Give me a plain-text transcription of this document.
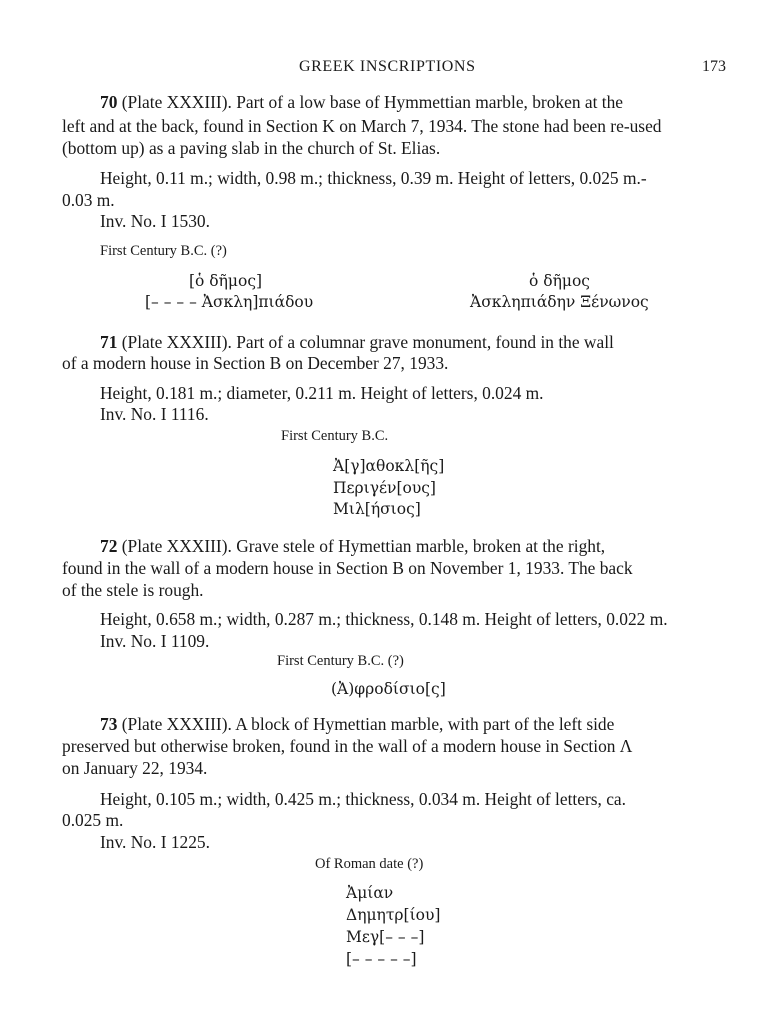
GREEK INSCRIPTIONS	173
70 (Plate XXXIII). Part of a low base of Hymmettian marble, broken at the
left and at the back, found in Section K on March 7, 1934. The stone had been re-used
(bottom up) as a paving slab in the church of St. Elias.
Height, 0.11 m.; width, 0.98 m.; thickness, 0.39 m. Height of letters, 0.025 m.-
0.03 m.
Inv. No. I 1530.
First Century B.C. (?)
[ὁ δῆμος]
[– – – – Ἀσκλη]πιάδου
ὁ δῆμος
Ἀσκληπιάδην Ξένωνος
71 (Plate XXXIII). Part of a columnar grave monument, found in the wall
of a modern house in Section B on December 27, 1933.
Height, 0.181 m.; diameter, 0.211 m. Height of letters, 0.024 m.
Inv. No. I 1116.
First Century B.C.
Ἀ[γ]αθοκλ[ῆς]
Περιγέν[ους]
Μιλ[ήσιος]
72 (Plate XXXIII). Grave stele of Hymettian marble, broken at the right,
found in the wall of a modern house in Section B on November 1, 1933. The back
of the stele is rough.
Height, 0.658 m.; width, 0.287 m.; thickness, 0.148 m. Height of letters, 0.022 m.
Inv. No. I 1109.
First Century B.C. (?)
(Ἀ)φροδίσιο[ς]
73 (Plate XXXIII). A block of Hymettian marble, with part of the left side
preserved but otherwise broken, found in the wall of a modern house in Section Λ
on January 22, 1934.
Height, 0.105 m.; width, 0.425 m.; thickness, 0.034 m. Height of letters, ca.
0.025 m.
Inv. No. I 1225.
Of Roman date (?)
Ἀμίαν
Δημητρ[ίου]
Μεγ[– – –]
[– – – – –]
